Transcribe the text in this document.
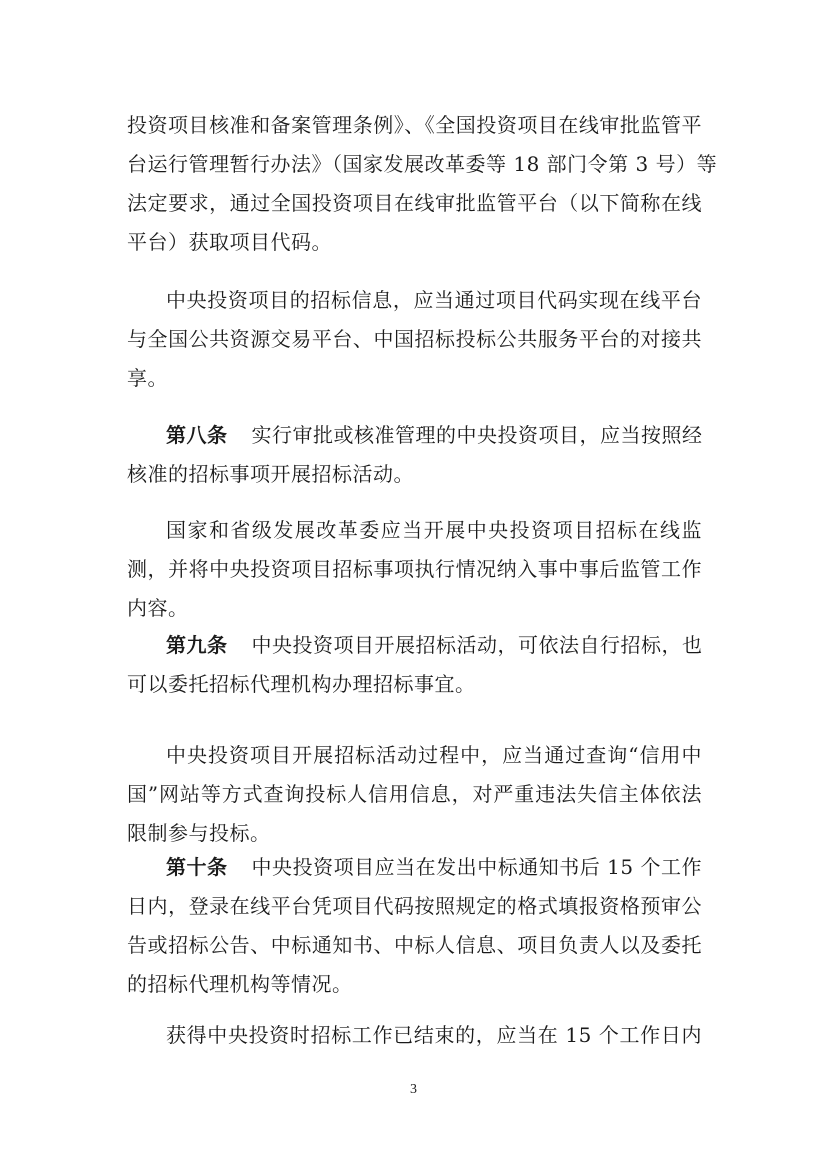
投资项目核准和备案管理条例》、《全国投资项目在线审批监管平
台运行管理暂行办法》（国家发展改革委等 18 部门令第 3 号）等
法定要求，通过全国投资项目在线审批监管平台（以下简称在线
平台）获取项目代码。
中央投资项目的招标信息，应当通过项目代码实现在线平台
与全国公共资源交易平台、中国招标投标公共服务平台的对接共
享。
第八条 实行审批或核准管理的中央投资项目，应当按照经
核准的招标事项开展招标活动。
国家和省级发展改革委应当开展中央投资项目招标在线监
测，并将中央投资项目招标事项执行情况纳入事中事后监管工作
内容。
第九条 中央投资项目开展招标活动，可依法自行招标，也
可以委托招标代理机构办理招标事宜。
中央投资项目开展招标活动过程中，应当通过查询“信用中
国”网站等方式查询投标人信用信息，对严重违法失信主体依法
限制参与投标。
第十条 中央投资项目应当在发出中标通知书后 15 个工作
日内，登录在线平台凭项目代码按照规定的格式填报资格预审公
告或招标公告、中标通知书、中标人信息、项目负责人以及委托
的招标代理机构等情况。
获得中央投资时招标工作已结束的，应当在 15 个工作日内
3
